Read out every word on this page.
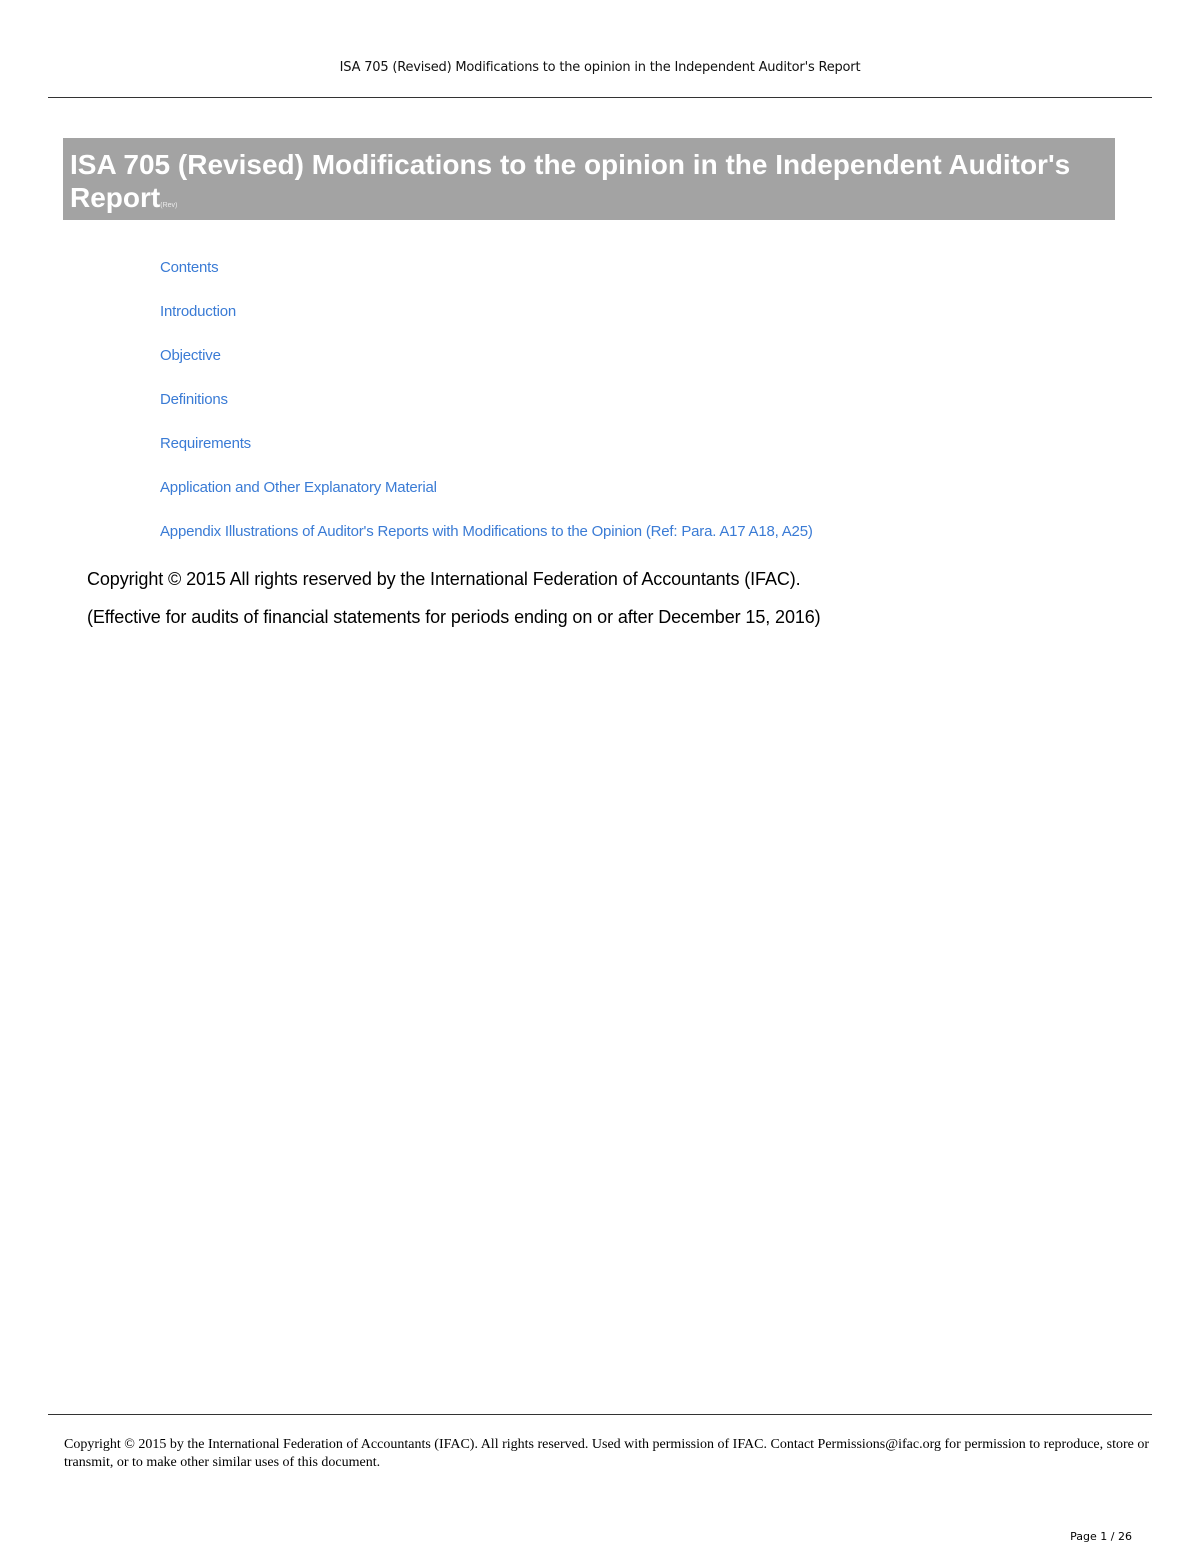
ISA 705 (Revised) Modifications to the opinion in the Independent Auditor's Report
ISA 705 (Revised) Modifications to the opinion in the Independent Auditor's Report(Rev)
Contents
Introduction
Objective
Definitions
Requirements
Application and Other Explanatory Material
Appendix Illustrations of Auditor's Reports with Modifications to the Opinion (Ref: Para. A17 A18, A25)

Copyright © 2015 All rights reserved by the International Federation of Accountants (IFAC).

(Effective for audits of financial statements for periods ending on or after December 15, 2016)

Copyright © 2015 by the International Federation of Accountants (IFAC). All rights reserved. Used with permission of IFAC. Contact Permissions@ifac.org for permission to reproduce, store or transmit, or to make other similar uses of this document.

Page 1 / 26
